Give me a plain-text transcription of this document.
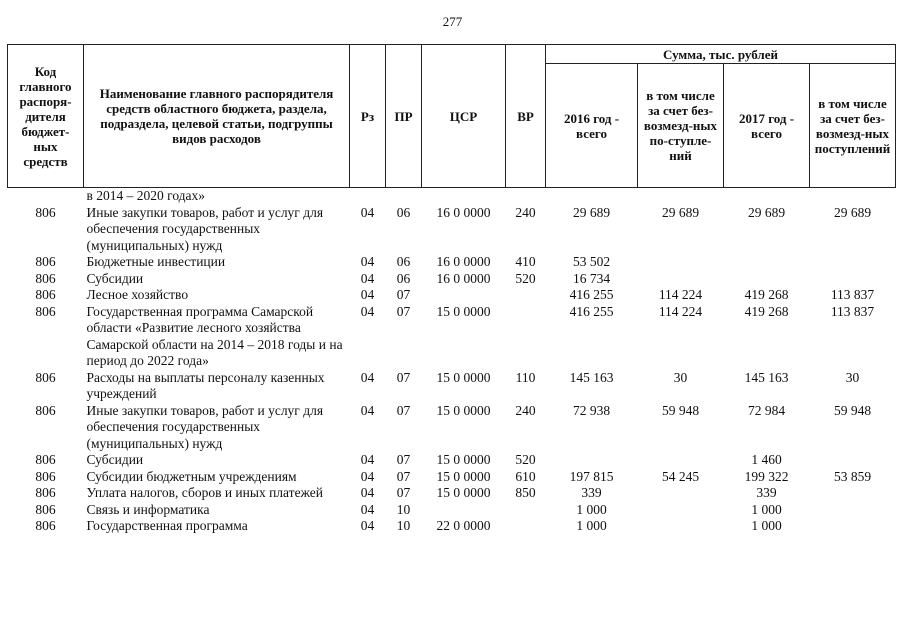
277
Код главного распоря-дителя бюджет-ных средств	Наименование главного распорядителя средств областного бюджета, раздела, подраздела, целевой статьи, подгруппы видов расходов	Рз	ПР	ЦСР	ВР	Сумма, тыс. рублей			
						2016 год - всего	в том числе за счет без-возмезд-ных по-ступле-ний	2017 год - всего	в том числе за счет без-возмезд-ных поступлений
	в 2014 – 2020 годах»								
806	Иные закупки товаров, работ и услуг для обеспечения государственных (муниципальных) нужд	04	06	16 0 0000	240	29 689	29 689	29 689	29 689
806	Бюджетные инвестиции	04	06	16 0 0000	410	53 502			
806	Субсидии	04	06	16 0 0000	520	16 734			
806	Лесное хозяйство	04	07			416 255	114 224	419 268	113 837
806	Государственная программа Самарской области «Развитие лесного хозяйства Самарской области на 2014 – 2018 годы и на период до 2022 года»	04	07	15 0 0000		416 255	114 224	419 268	113 837
806	Расходы на выплаты персоналу казенных учреждений	04	07	15 0 0000	110	145 163	30	145 163	30
806	Иные закупки товаров, работ и услуг для обеспечения государственных (муниципальных) нужд	04	07	15 0 0000	240	72 938	59 948	72 984	59 948
806	Субсидии	04	07	15 0 0000	520			1 460	
806	Субсидии бюджетным учреждениям	04	07	15 0 0000	610	197 815	54 245	199 322	53 859
806	Уплата налогов, сборов и иных платежей	04	07	15 0 0000	850	339		339	
806	Связь и информатика	04	10			1 000		1 000	
806	Государственная программа	04	10	22 0 0000		1 000		1 000	
